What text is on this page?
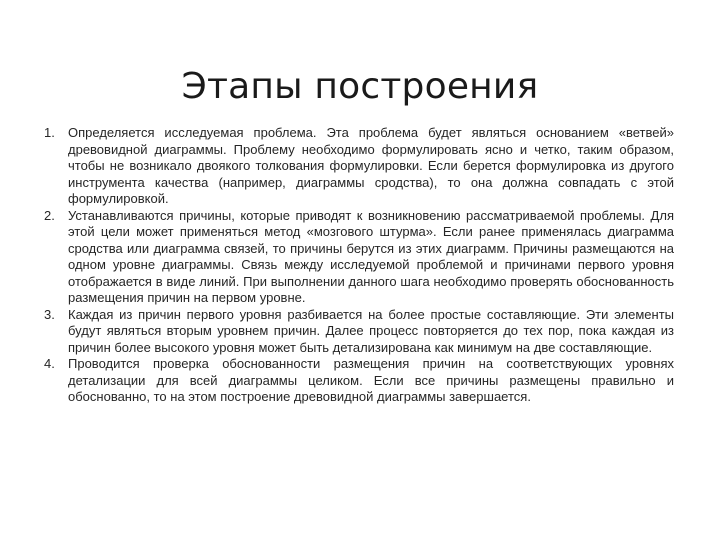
Этапы построения
1. Определяется исследуемая проблема. Эта проблема будет являться основанием «ветвей» древовидной диаграммы. Проблему необходимо формулировать ясно и четко, таким образом, чтобы не возникало двоякого толкования формулировки. Если берется формулировка из другого инструмента качества (например, диаграммы сродства), то она должна совпадать с этой формулировкой.
2. Устанавливаются причины, которые приводят к возникновению рассматриваемой проблемы. Для этой цели может применяться метод «мозгового штурма». Если ранее применялась диаграмма сродства или диаграмма связей, то причины берутся из этих диаграмм. Причины размещаются на одном уровне диаграммы. Связь между исследуемой проблемой и причинами первого уровня отображается в виде линий. При выполнении данного шага необходимо проверять обоснованность размещения причин на первом уровне.
3. Каждая из причин первого уровня разбивается на более простые составляющие. Эти элементы будут являться вторым уровнем причин. Далее процесс повторяется до тех пор, пока каждая из причин более высокого уровня может быть детализирована как минимум на две составляющие.
4. Проводится проверка обоснованности размещения причин на соответствующих уровнях детализации для всей диаграммы целиком. Если все причины размещены правильно и обоснованно, то на этом построение древовидной диаграммы завершается.
